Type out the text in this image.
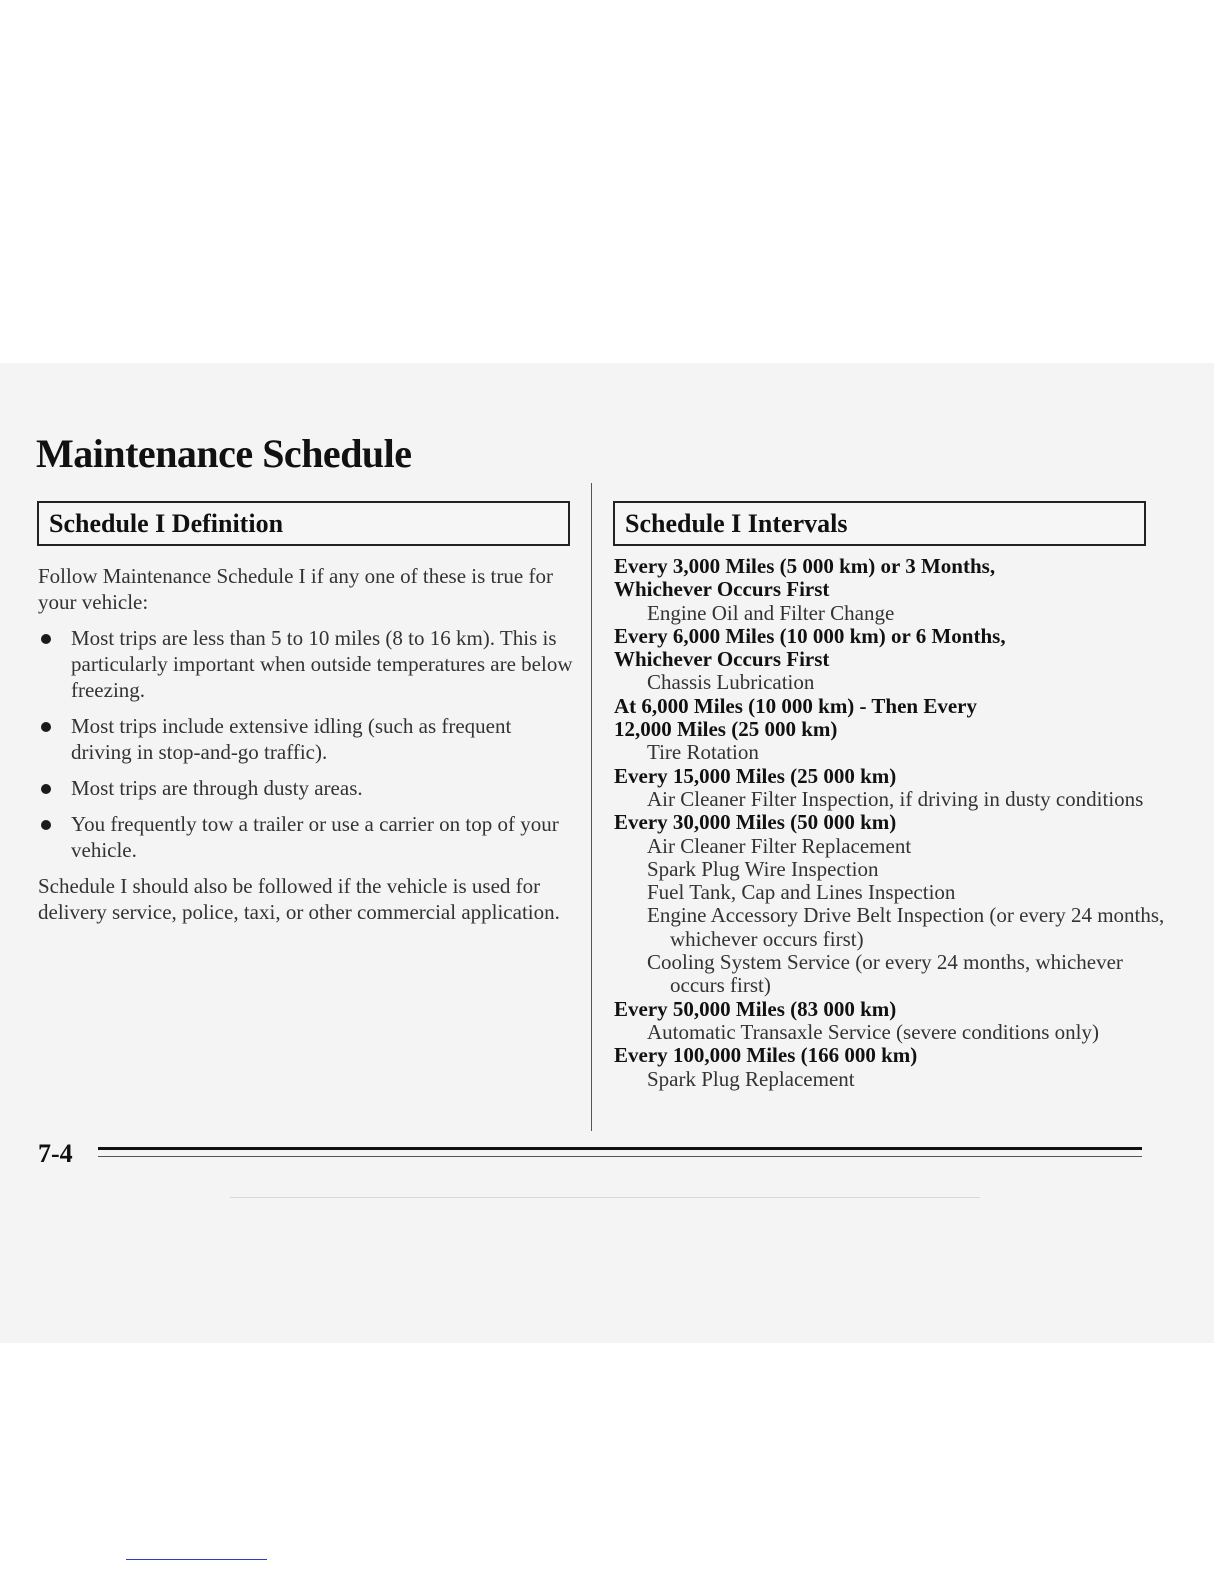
Maintenance Schedule
Schedule I Definition	Schedule I Intervals

Follow Maintenance Schedule I if any one of these is true for your vehicle:

Most trips are less than 5 to 10 miles (8 to 16 km). This is particularly important when outside temperatures are below freezing.
Most trips include extensive idling (such as frequent driving in stop-and-go traffic).
Most trips are through dusty areas.
You frequently tow a trailer or use a carrier on top of your vehicle.

Schedule I should also be followed if the vehicle is used for delivery service, police, taxi, or other commercial application.

Every 3,000 Miles (5 000 km) or 3 Months,
Whichever Occurs First
Engine Oil and Filter Change
Every 6,000 Miles (10 000 km) or 6 Months,
Whichever Occurs First
Chassis Lubrication
At 6,000 Miles (10 000 km) - Then Every
12,000 Miles (25 000 km)
Tire Rotation
Every 15,000 Miles (25 000 km)
Air Cleaner Filter Inspection, if driving in dusty conditions
Every 30,000 Miles (50 000 km)
Air Cleaner Filter Replacement
Spark Plug Wire Inspection
Fuel Tank, Cap and Lines Inspection
Engine Accessory Drive Belt Inspection (or every 24 months, whichever occurs first)
Cooling System Service (or every 24 months, whichever occurs first)
Every 50,000 Miles (83 000 km)
Automatic Transaxle Service (severe conditions only)
Every 100,000 Miles (166 000 km)
Spark Plug Replacement
7-4
